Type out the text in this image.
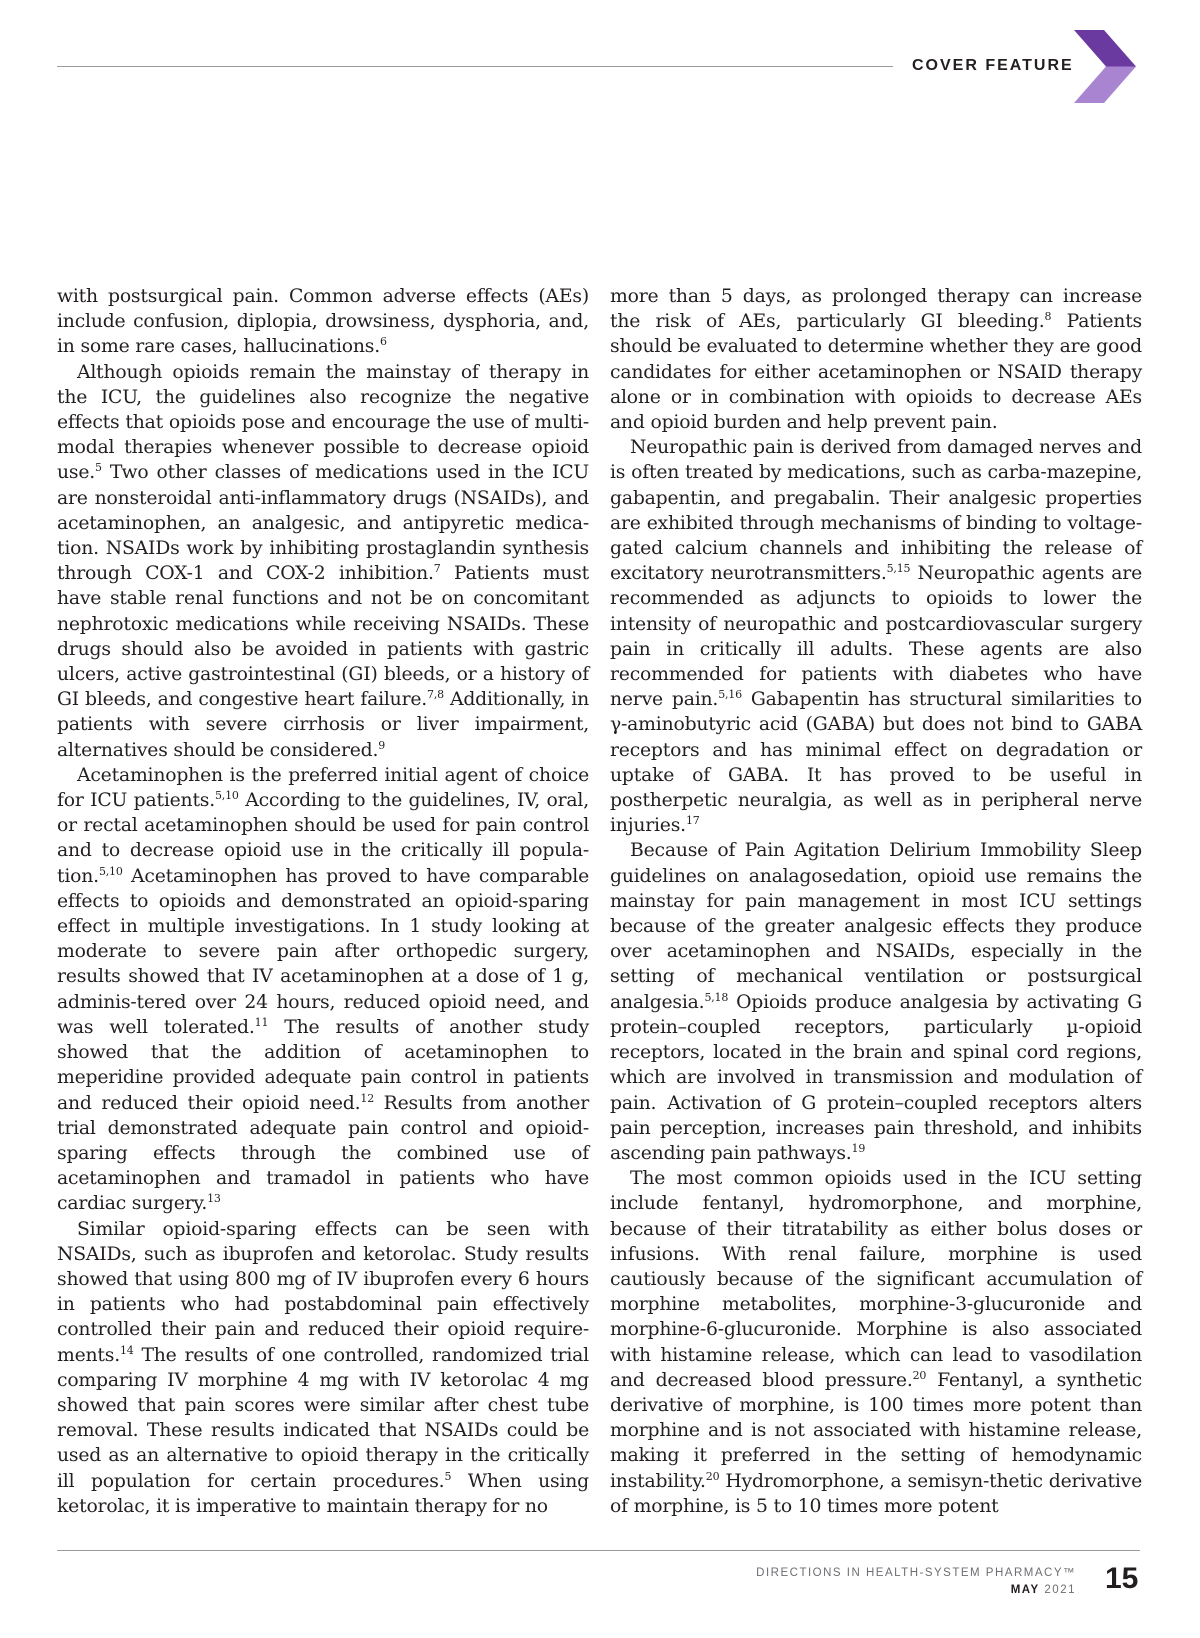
COVER FEATURE

with postsurgical pain. Common adverse effects (AEs) include confusion, diplopia, drowsiness, dysphoria, and, in some rare cases, hallucinations.$^6$

Although opioids remain the mainstay of therapy in the ICU, the guidelines also recognize the negative effects that opioids pose and encourage the use of multi-modal therapies whenever possible to decrease opioid use.$^5$ Two other classes of medications used in the ICU are nonsteroidal anti-inflammatory drugs (NSAIDs), and acetaminophen, an analgesic, and antipyretic medica-tion. NSAIDs work by inhibiting prostaglandin synthesis through COX-1 and COX-2 inhibition.$^7$ Patients must have stable renal functions and not be on concomitant nephrotoxic medications while receiving NSAIDs. These drugs should also be avoided in patients with gastric ulcers, active gastrointestinal (GI) bleeds, or a history of GI bleeds, and congestive heart failure.$^{7,8}$ Additionally, in patients with severe cirrhosis or liver impairment, alternatives should be considered.$^9$

Acetaminophen is the preferred initial agent of choice for ICU patients.$^{5,10}$ According to the guidelines, IV, oral, or rectal acetaminophen should be used for pain control and to decrease opioid use in the critically ill popula-tion.$^{5,10}$ Acetaminophen has proved to have comparable effects to opioids and demonstrated an opioid-sparing effect in multiple investigations. In 1 study looking at moderate to severe pain after orthopedic surgery, results showed that IV acetaminophen at a dose of 1 g, adminis-tered over 24 hours, reduced opioid need, and was well tolerated.$^{11}$ The results of another study showed that the addition of acetaminophen to meperidine provided adequate pain control in patients and reduced their opioid need.$^{12}$ Results from another trial demonstrated adequate pain control and opioid-sparing effects through the combined use of acetaminophen and tramadol in patients who have cardiac surgery.$^{13}$

Similar opioid-sparing effects can be seen with NSAIDs, such as ibuprofen and ketorolac. Study results showed that using 800 mg of IV ibuprofen every 6 hours in patients who had postabdominal pain effectively controlled their pain and reduced their opioid require-ments.$^{14}$ The results of one controlled, randomized trial comparing IV morphine 4 mg with IV ketorolac 4 mg showed that pain scores were similar after chest tube removal. These results indicated that NSAIDs could be used as an alternative to opioid therapy in the critically ill population for certain procedures.$^5$ When using ketorolac, it is imperative to maintain therapy for no

more than 5 days, as prolonged therapy can increase the risk of AEs, particularly GI bleeding.$^8$ Patients should be evaluated to determine whether they are good candidates for either acetaminophen or NSAID therapy alone or in combination with opioids to decrease AEs and opioid burden and help prevent pain.

Neuropathic pain is derived from damaged nerves and is often treated by medications, such as carba-mazepine, gabapentin, and pregabalin. Their analgesic properties are exhibited through mechanisms of binding to voltage-gated calcium channels and inhibiting the release of excitatory neurotransmitters.$^{5,15}$ Neuropathic agents are recommended as adjuncts to opioids to lower the intensity of neuropathic and postcardiovascular surgery pain in critically ill adults. These agents are also recommended for patients with diabetes who have nerve pain.$^{5,16}$ Gabapentin has structural similarities to γ-aminobutyric acid (GABA) but does not bind to GABA receptors and has minimal effect on degradation or uptake of GABA. It has proved to be useful in postherpetic neuralgia, as well as in peripheral nerve injuries.$^{17}$

Because of Pain Agitation Delirium Immobility Sleep guidelines on analagosedation, opioid use remains the mainstay for pain management in most ICU settings because of the greater analgesic effects they produce over acetaminophen and NSAIDs, especially in the setting of mechanical ventilation or postsurgical analgesia.$^{5,18}$ Opioids produce analgesia by activating G protein–coupled receptors, particularly µ-opioid receptors, located in the brain and spinal cord regions, which are involved in transmission and modulation of pain. Activation of G protein–coupled receptors alters pain perception, increases pain threshold, and inhibits ascending pain pathways.$^{19}$

The most common opioids used in the ICU setting include fentanyl, hydromorphone, and morphine, because of their titratability as either bolus doses or infusions. With renal failure, morphine is used cautiously because of the significant accumulation of morphine metabolites, morphine-3-glucuronide and morphine-6-glucuronide. Morphine is also associated with histamine release, which can lead to vasodilation and decreased blood pressure.$^{20}$ Fentanyl, a synthetic derivative of morphine, is 100 times more potent than morphine and is not associated with histamine release, making it preferred in the setting of hemodynamic instability.$^{20}$ Hydromorphone, a semisyn-thetic derivative of morphine, is 5 to 10 times more potent

DIRECTIONS IN HEALTH-SYSTEM PHARMACY™
MAY 2021 15
